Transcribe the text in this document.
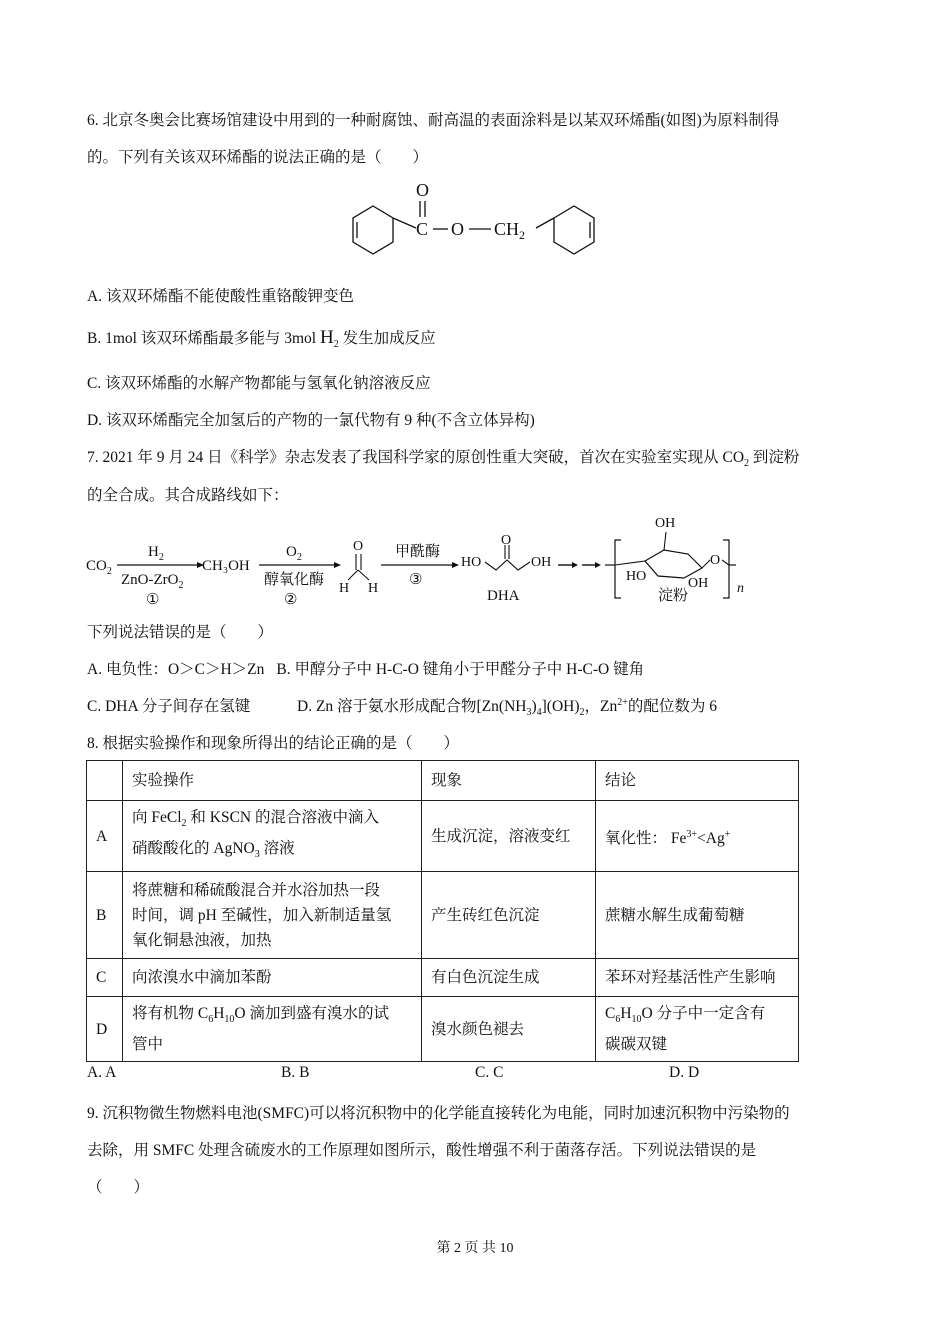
6. 北京冬奥会比赛场馆建设中用到的一种耐腐蚀、耐高温的表面涂料是以某双环烯酯(如图)为原料制得
的。下列有关该双环烯酯的说法正确的是（　　）
O
C O $CH_2$
A. 该双环烯酯不能使酸性重铬酸钾变色
B. 1mol 该双环烯酯最多能与 3mol $H_2$ 发生加成反应
C. 该双环烯酯的水解产物都能与氢氧化钠溶液反应
D. 该双环烯酯完全加氢后的产物的一氯代物有 9 种(不含立体异构)
7. 2021 年 9 月 24 日《科学》杂志发表了我国科学家的原创性重大突破，首次在实验室实现从 $CO_2$ 到淀粉
的全合成。其合成路线如下：
$CO_2$
$H_2$
ZnO-ZrO$_2$
①
CH₃OH
$O_2$
醇氧化酶
②
O
H H
甲酰酶
③
HO
O
OH
DHA
OH
HO	OH
O
淀粉	n
下列说法错误的是（　　）
A. 电负性：O＞C＞H＞Zn B. 甲醇分子中 H-C-O 键角小于甲醛分子中 H-C-O 键角
C. DHA 分子间存在氢键	D. Zn 溶于氨水形成配合物$[Zn(NH_3)_4](OH)_2$，$Zn^{2+}$的配位数为 6
8. 根据实验操作和现象所得出的结论正确的是（　　）
	实验操作	现象	结论
A	向 FeCl$_2$ 和 KSCN 的混合溶液中滴入
硝酸酸化的 AgNO$_3$ 溶液	生成沉淀，溶液变红	氧化性： $Fe^{3+}<Ag^+$
B	将蔗糖和稀硫酸混合并水浴加热一段
时间，调 pH 至碱性，加入新制适量氢
氧化铜悬浊液，加热	产生砖红色沉淀	蔗糖水解生成葡萄糖
C	向浓溴水中滴加苯酚	有白色沉淀生成	苯环对羟基活性产生影响
D	将有机物 $C_6H_{10}O$ 滴加到盛有溴水的试
管中	溴水颜色褪去	$C_6H_{10}O$ 分子中一定含有
碳碳双键
A. A	B. B	C. C	D. D
9. 沉积物微生物燃料电池(SMFC)可以将沉积物中的化学能直接转化为电能，同时加速沉积物中污染物的
去除，用 SMFC 处理含硫废水的工作原理如图所示，酸性增强不利于菌落存活。下列说法错误的是
（　　）
第 2 页 共 10
